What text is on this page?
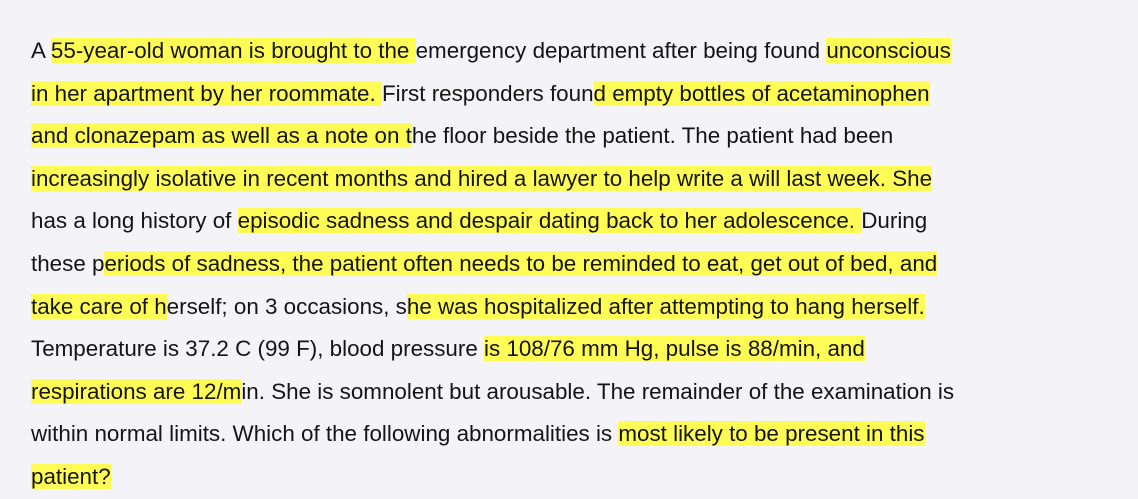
A 55-year-old woman is brought to the emergency department after being found unconscious
in her apartment by her roommate. First responders found empty bottles of acetaminophen
and clonazepam as well as a note on the floor beside the patient. The patient had been
increasingly isolative in recent months and hired a lawyer to help write a will last week. She
has a long history of episodic sadness and despair dating back to her adolescence. During
these periods of sadness, the patient often needs to be reminded to eat, get out of bed, and
take care of herself; on 3 occasions, she was hospitalized after attempting to hang herself.
Temperature is 37.2 C (99 F), blood pressure is 108/76 mm Hg, pulse is 88/min, and
respirations are 12/min. She is somnolent but arousable. The remainder of the examination is
within normal limits. Which of the following abnormalities is most likely to be present in this
patient?
